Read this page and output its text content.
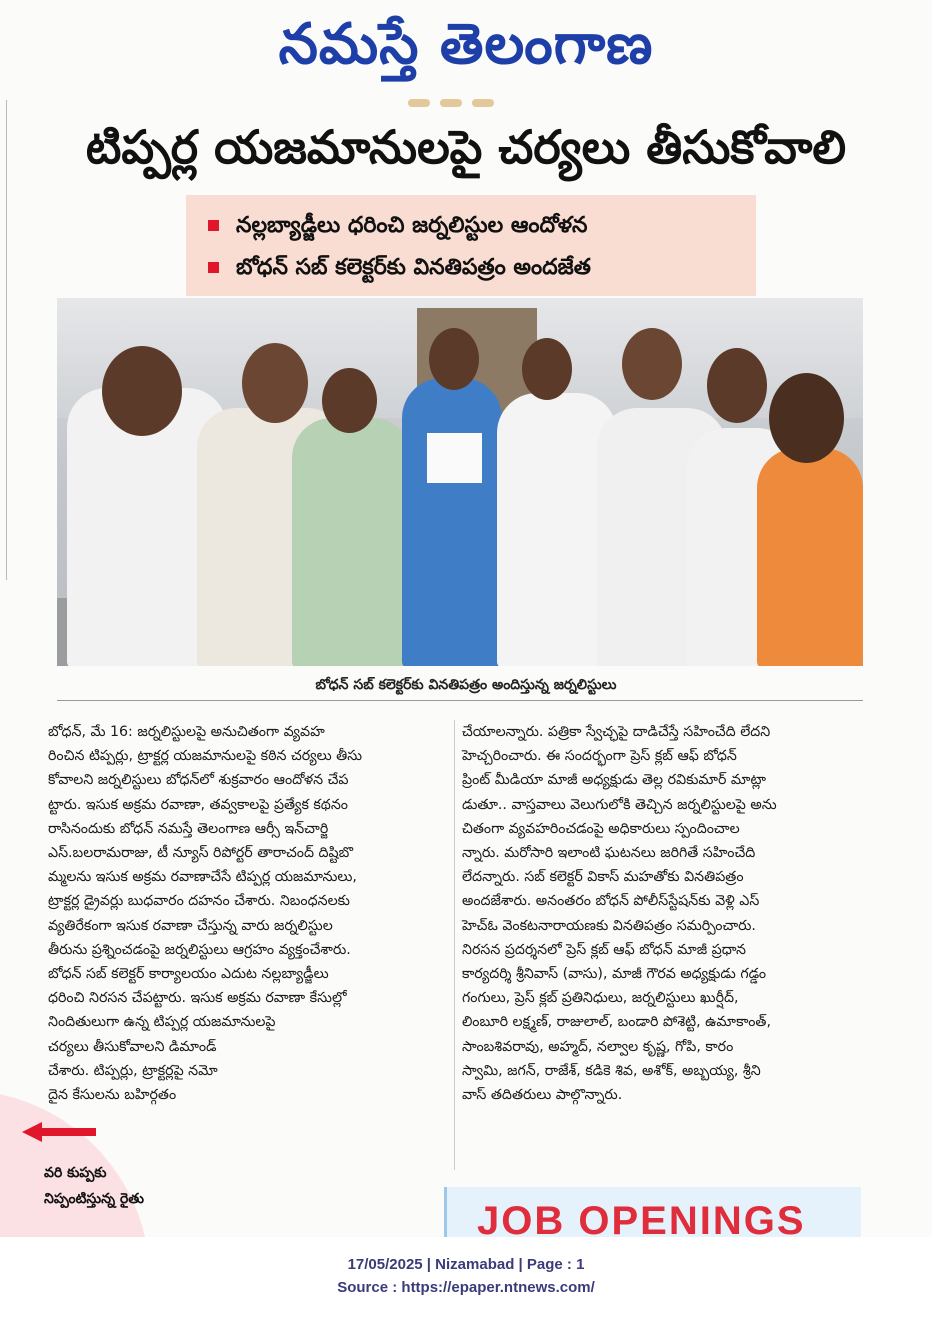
నమస్తే తెలంగాణ
టిప్పర్ల యజమానులపై చర్యలు తీసుకోవాలి
నల్లబ్యాడ్జీలు ధరించి జర్నలిస్టుల ఆందోళన
బోధన్ సబ్ కలెక్టర్‌కు వినతిపత్రం అందజేత
బోధన్ సబ్ కలెక్టర్‌కు వినతిపత్రం అందిస్తున్న జర్నలిస్టులు
బోధన్, మే 16: జర్నలిస్టులపై అనుచితంగా వ్యవహ
రించిన టిప్పర్లు, ట్రాక్టర్ల యజమానులపై కఠిన చర్యలు తీసు
కోవాలని జర్నలిస్టులు బోధన్‌లో శుక్రవారం ఆందోళన చేప
ట్టారు. ఇసుక అక్రమ రవాణా, తవ్వకాలపై ప్రత్యేక కథనం
రాసినందుకు బోధన్ నమస్తే తెలంగాణ ఆర్సీ ఇన్‌చార్జి
ఎస్.బలరామరాజు, టీ న్యూస్ రిపోర్టర్ తారాచంద్ దిష్టిబొ
మ్మలను ఇసుక అక్రమ రవాణాచేసే టిప్పర్ల యజమానులు,
ట్రాక్టర్ల డ్రైవర్లు బుధవారం దహనం చేశారు. నిబంధనలకు
వ్యతిరేకంగా ఇసుక రవాణా చేస్తున్న వారు జర్నలిస్టుల
తీరును ప్రశ్నించడంపై జర్నలిస్టులు ఆగ్రహం వ్యక్తంచేశారు.
బోధన్ సబ్ కలెక్టర్ కార్యాలయం ఎదుట నల్లబ్యాడ్జీలు
ధరించి నిరసన చేపట్టారు. ఇసుక అక్రమ రవాణా కేసుల్లో
నిందితులుగా ఉన్న టిప్పర్ల యజమానులపై
చర్యలు తీసుకోవాలని డిమాండ్
చేశారు. టిప్పర్లు, ట్రాక్టర్లపై నమో
దైన కేసులను బహిర్గతం
చేయాలన్నారు. పత్రికా స్వేచ్ఛపై దాడిచేస్తే సహించేది లేదని
హెచ్చరించారు. ఈ సందర్భంగా ప్రెస్ క్లబ్ ఆఫ్ బోధన్
ప్రింట్ మీడియా మాజీ అధ్యక్షుడు తెల్ల రవికుమార్ మాట్లా
డుతూ.. వాస్తవాలు వెలుగులోకి తెచ్చిన జర్నలిస్టులపై అను
చితంగా వ్యవహరించడంపై అధికారులు స్పందించాల
న్నారు. మరోసారి ఇలాంటి ఘటనలు జరిగితే సహించేది
లేదన్నారు. సబ్ కలెక్టర్ వికాస్ మహతోకు వినతిపత్రం
అందజేశారు. అనంతరం బోధన్ పోలీస్‌స్టేషన్‌కు వెళ్లి ఎస్
హెచ్‌ఓ వెంకటనారాయణకు వినతిపత్రం సమర్పించారు.
నిరసన ప్రదర్శనలో ప్రెస్ క్లబ్ ఆఫ్ బోధన్ మాజీ ప్రధాన
కార్యదర్శి శ్రీనివాస్ (వాసు), మాజీ గౌరవ అధ్యక్షుడు గడ్డం
గంగులు, ప్రెస్ క్లబ్ ప్రతినిధులు, జర్నలిస్టులు ఖుర్షీద్,
లింబూరి లక్ష్మణ్, రాజులాల్, బండారి పోశెట్టి, ఉమాకాంత్,
సాంబశివరావు, అహ్మద్, నల్వాల కృష్ణ, గోపి, కారం
స్వామి, జగన్, రాజేశ్, కడికె శివ, అశోక్, అబ్బయ్య, శ్రీని
వాస్ తదితరులు పాల్గొన్నారు.
వరి కుప్పకు నిప్పంటిస్తున్న రైతు	JOB OPENINGS
17/05/2025 | Nizamabad | Page : 1
Source : https://epaper.ntnews.com/
